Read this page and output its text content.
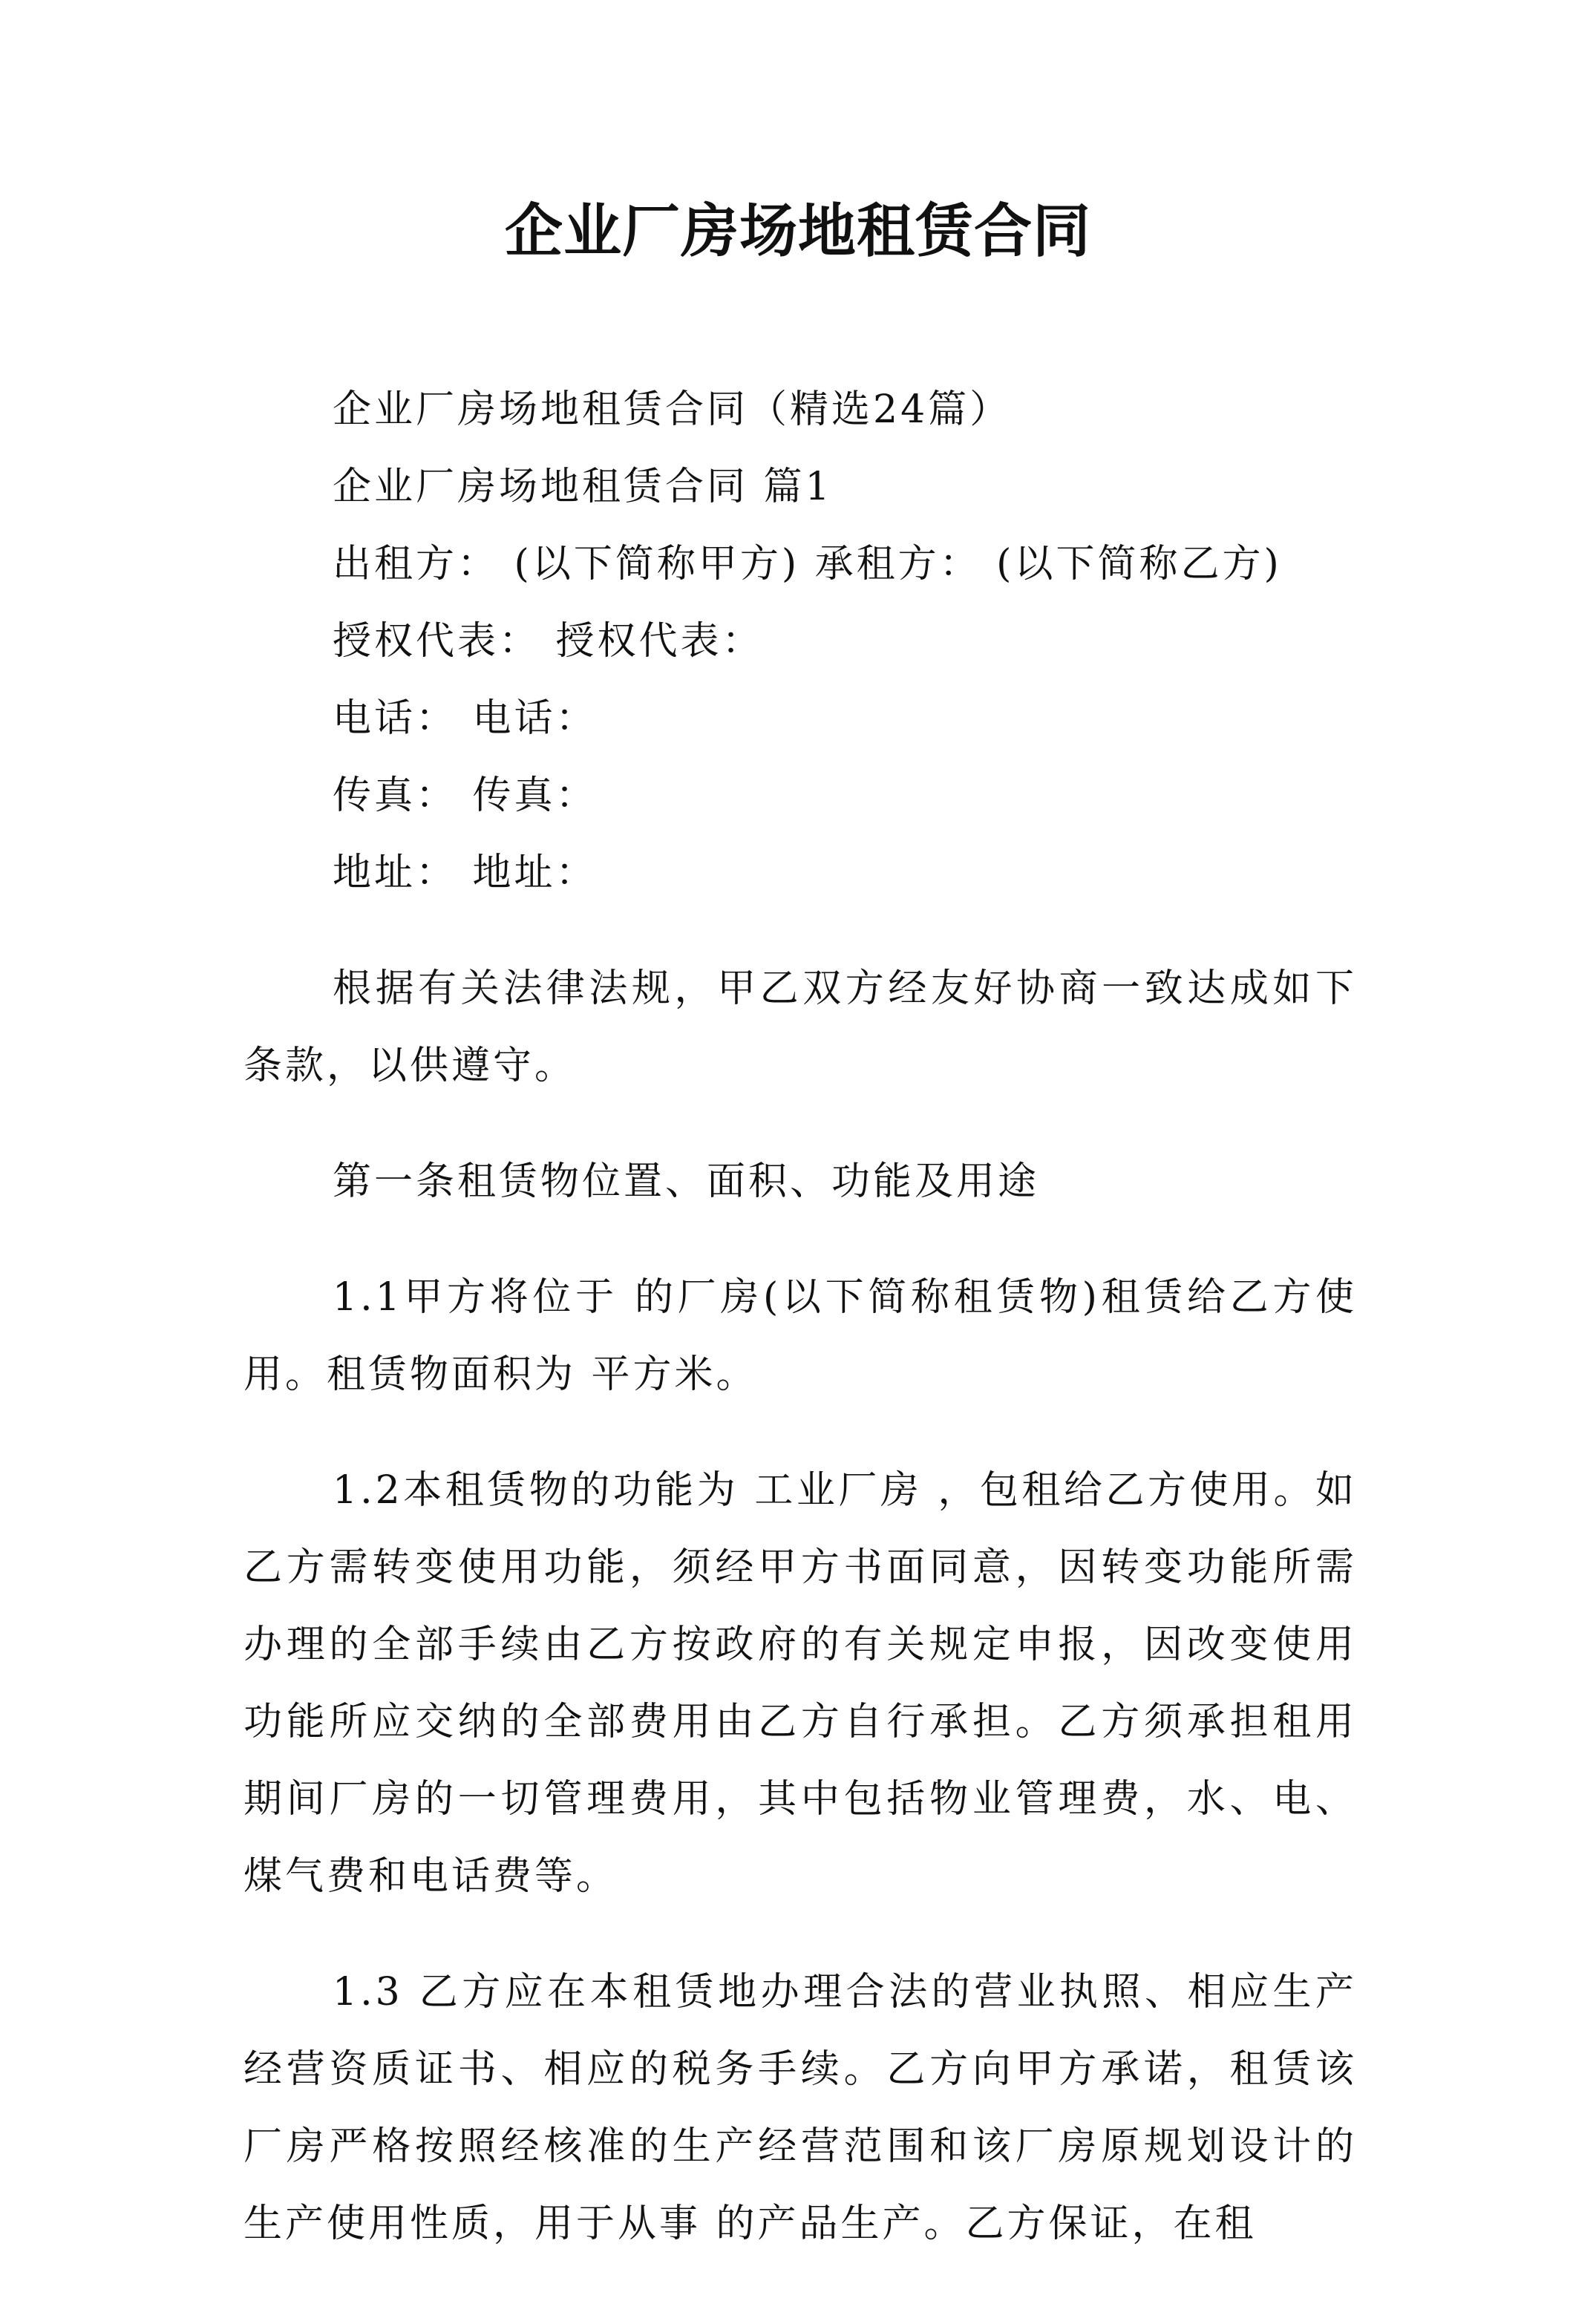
企业厂房场地租赁合同

企业厂房场地租赁合同（精选24篇）

企业厂房场地租赁合同 篇1

出租方： (以下简称甲方) 承租方： (以下简称乙方)

授权代表： 授权代表：

电话： 电话：

传真： 传真：

地址： 地址：

根据有关法律法规，甲乙双方经友好协商一致达成如下条款，以供遵守。

第一条租赁物位置、面积、功能及用途

1.1甲方将位于 的厂房(以下简称租赁物)租赁给乙方使用。租赁物面积为 平方米。

1.2本租赁物的功能为 工业厂房 ，包租给乙方使用。如乙方需转变使用功能，须经甲方书面同意，因转变功能所需办理的全部手续由乙方按政府的有关规定申报，因改变使用功能所应交纳的全部费用由乙方自行承担。乙方须承担租用期间厂房的一切管理费用，其中包括物业管理费，水、电、煤气费和电话费等。

1.3 乙方应在本租赁地办理合法的营业执照、相应生产经营资质证书、相应的税务手续。乙方向甲方承诺，租赁该厂房严格按照经核准的生产经营范围和该厂房原规划设计的生产使用性质，用于从事 的产品生产。乙方保证，在租
